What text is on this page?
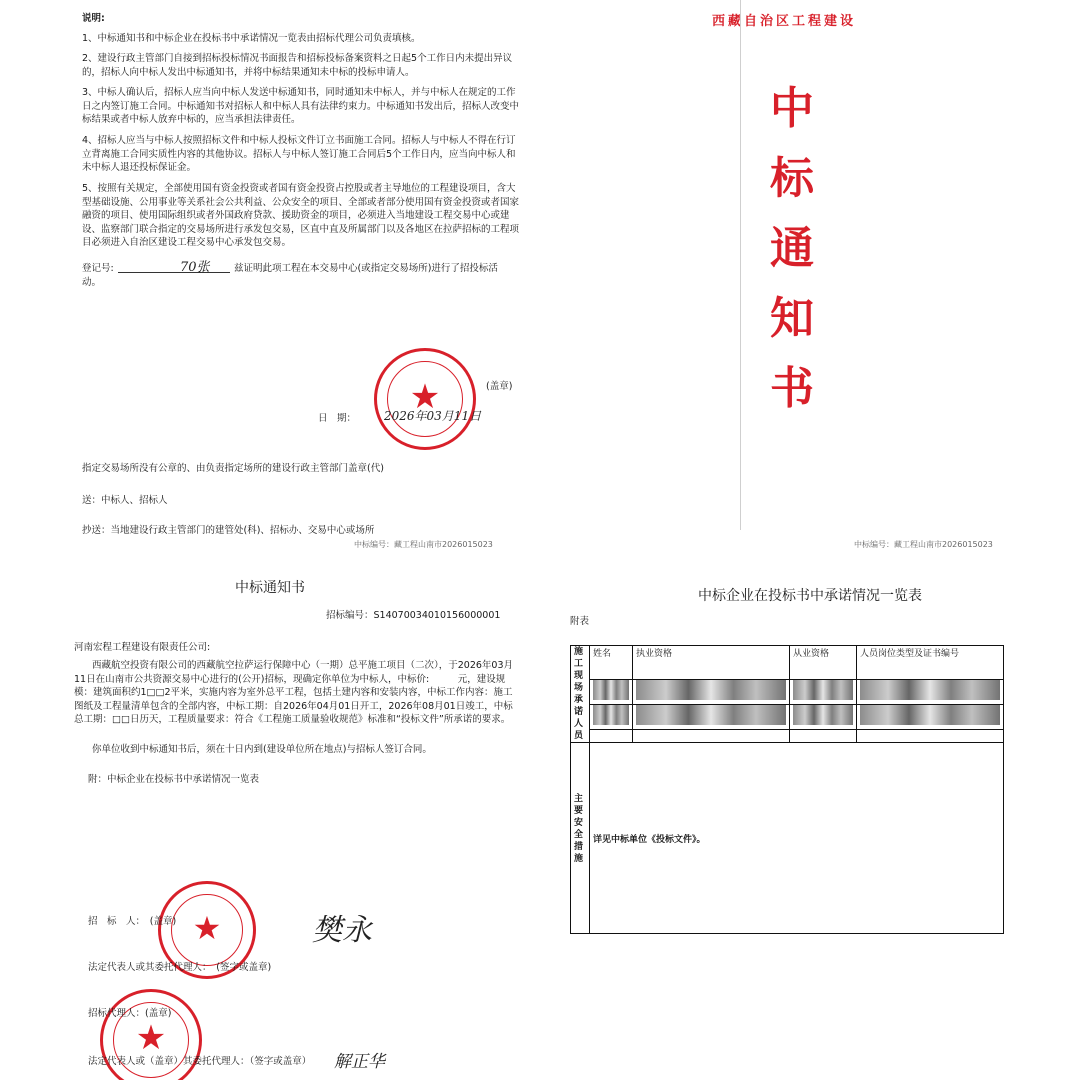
说明:
1、中标通知书和中标企业在投标书中承诺情况一览表由招标代理公司负责填核。
2、建设行政主管部门自接到招标投标情况书面报告和招标投标备案资料之日起5个工作日内未提出异议的，招标人向中标人发出中标通知书，并将中标结果通知未中标的投标申请人。
3、中标人确认后，招标人应当向中标人发送中标通知书，同时通知未中标人，并与中标人在规定的工作日之内签订施工合同。中标通知书对招标人和中标人具有法律约束力。中标通知书发出后，招标人改变中标结果或者中标人放弃中标的，应当承担法律责任。
4、招标人应当与中标人按照招标文件和中标人投标文件订立书面施工合同。招标人与中标人不得在行订立背离施工合同实质性内容的其他协议。招标人与中标人签订施工合同后5个工作日内，应当向中标人和未中标人退还投标保证金。
5、按照有关规定，全部使用国有资金投资或者国有资金投资占控股或者主导地位的工程建设项目，含大型基础设施、公用事业等关系社会公共利益、公众安全的项目、全部或者部分使用国有资金投资或者国家融资的项目、使用国际组织或者外国政府贷款、援助资金的项目，必须进入当地建设工程交易中心或建设、监察部门联合指定的交易场所进行承发包交易，区直中直及所属部门以及各地区在拉萨招标的工程项目必须进入自治区建设工程交易中心承发包交易。
登记号:	70张	兹证明此项工程在本交易中心(或指定交易场所)进行了招投标活
动。
★	(盖章)
日　期： 2026年03月11日
指定交易场所没有公章的、由负责指定场所的建设行政主管部门盖章(代)
送：中标人、招标人
抄送：当地建设行政主管部门的建管处(科)、招标办、交易中心或场所
中标编号：藏工程山南市2026015023
西藏自治区工程建设
中
标
通
知
书
中标编号：藏工程山南市2026015023
中标通知书
招标编号：S14070034010156000001
河南宏程工程建设有限责任公司:
西藏航空投资有限公司的西藏航空拉萨运行保障中心（一期）总平施工项目（二次），于2026年03月11日在山南市公共资源交易中心进行的(公开)招标，现确定你单位为中标人，中标价:　　　元，建设规模：建筑面积约1□□2平米，实施内容为室外总平工程，包括土建内容和安装内容，中标工作内容：施工图纸及工程量清单包含的全部内容，中标工期：自2026年04月01日开工，2026年08月01日竣工，中标总工期：□□日历天，工程质量要求：符合《工程施工质量验收规范》标准和“投标文件”所承诺的要求。
你单位收到中标通知书后，须在十日内到(建设单位所在地点)与招标人签订合同。
附：中标企业在投标书中承诺情况一览表
★
招　标　人：　(盖章)	樊永
法定代表人或其委托代理人：　(签字或盖章)
★
招标代理人：(盖章)
法定代表人或（盖章）其委托代理人：（签字或盖章） 解正华
中标企业在投标书中承诺情况一览表
附表
施工现场承诺人员	姓名	执业资格	从业资格	人员岗位类型及证书编号

主要安全措施	详见中标单位《投标文件》。			
